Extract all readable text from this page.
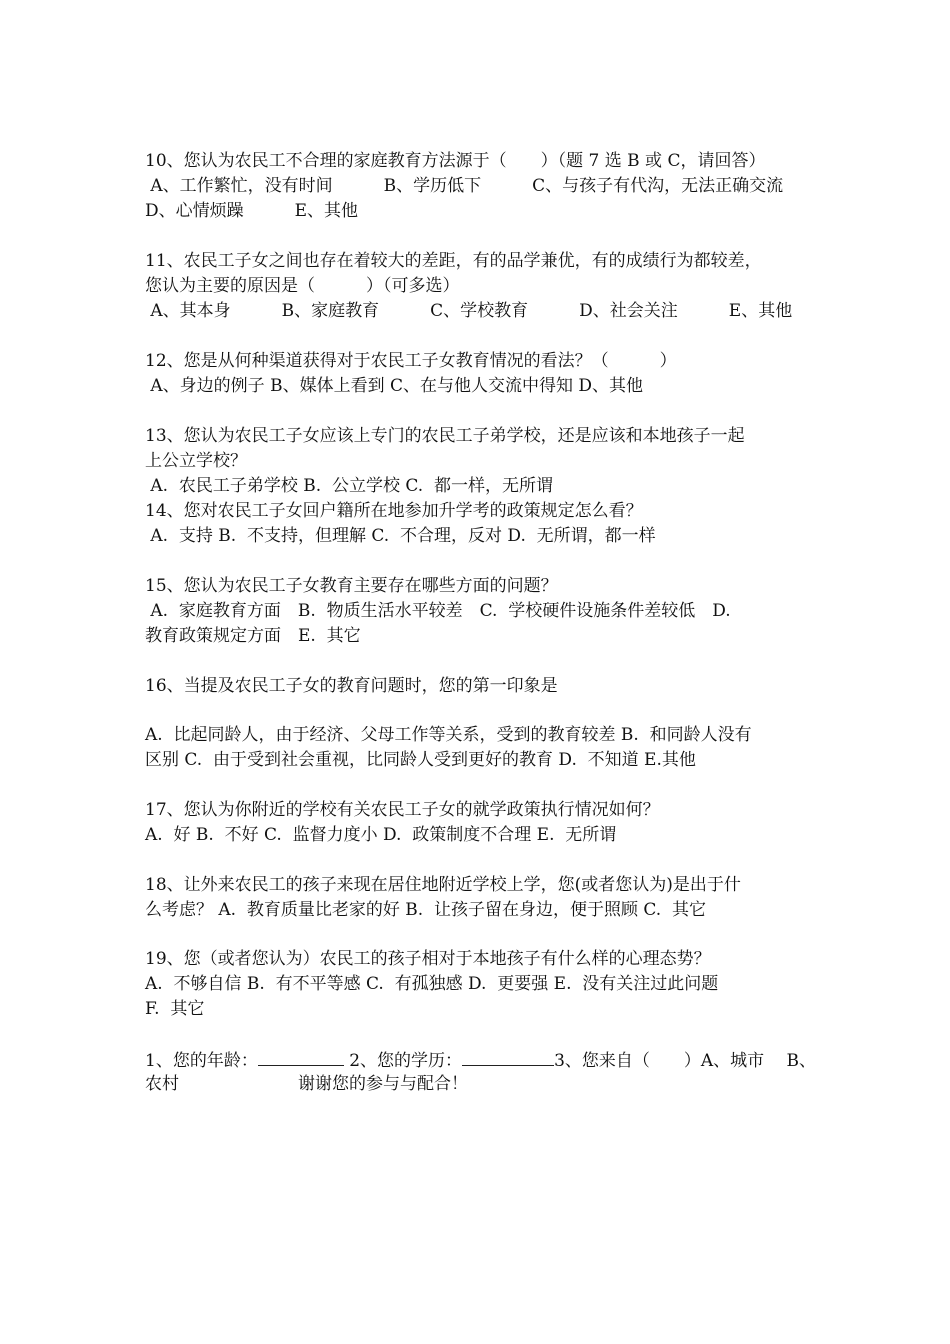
10、您认为农民工不合理的家庭教育方法源于（　　）（题 7 选 B 或 C，请回答）
A、工作繁忙，没有时间　　　B、学历低下　　　C、与孩子有代沟，无法正确交流
D、心情烦躁　　　E、其他
11、农民工子女之间也存在着较大的差距，有的品学兼优，有的成绩行为都较差，
您认为主要的原因是（　　　）（可多选）
A、其本身　　　B、家庭教育　　　C、学校教育　　　D、社会关注　　　E、其他
12、您是从何种渠道获得对于农民工子女教育情况的看法？（　　　）
A、身边的例子 B、媒体上看到 C、在与他人交流中得知 D、其他
13、您认为农民工子女应该上专门的农民工子弟学校，还是应该和本地孩子一起
上公立学校？
A.  农民工子弟学校 B.  公立学校 C.  都一样，无所谓
14、您对农民工子女回户籍所在地参加升学考的政策规定怎么看？
A.  支持 B.  不支持，但理解 C.  不合理，反对 D.  无所谓，都一样
15、您认为农民工子女教育主要存在哪些方面的问题？
A.  家庭教育方面　B.  物质生活水平较差　C.  学校硬件设施条件差较低　D.
教育政策规定方面　E.  其它
16、当提及农民工子女的教育问题时，您的第一印象是
A.  比起同龄人，由于经济、父母工作等关系，受到的教育较差 B.  和同龄人没有
区别 C.  由于受到社会重视，比同龄人受到更好的教育 D.  不知道 E.其他
17、您认为你附近的学校有关农民工子女的就学政策执行情况如何？
A.  好 B.  不好 C.  监督力度小 D.  政策制度不合理 E.  无所谓
18、让外来农民工的孩子来现在居住地附近学校上学，您(或者您认为)是出于什
么考虑？ A.  教育质量比老家的好 B.  让孩子留在身边，便于照顾 C.  其它
19、您（或者您认为）农民工的孩子相对于本地孩子有什么样的心理态势？
A.  不够自信 B.  有不平等感 C.  有孤独感 D.  更要强 E.  没有关注过此问题
F.  其它
1、您的年龄：	2、您的学历：	3、您来自（　　）A、城市　 B、
农村	谢谢您的参与与配合！
